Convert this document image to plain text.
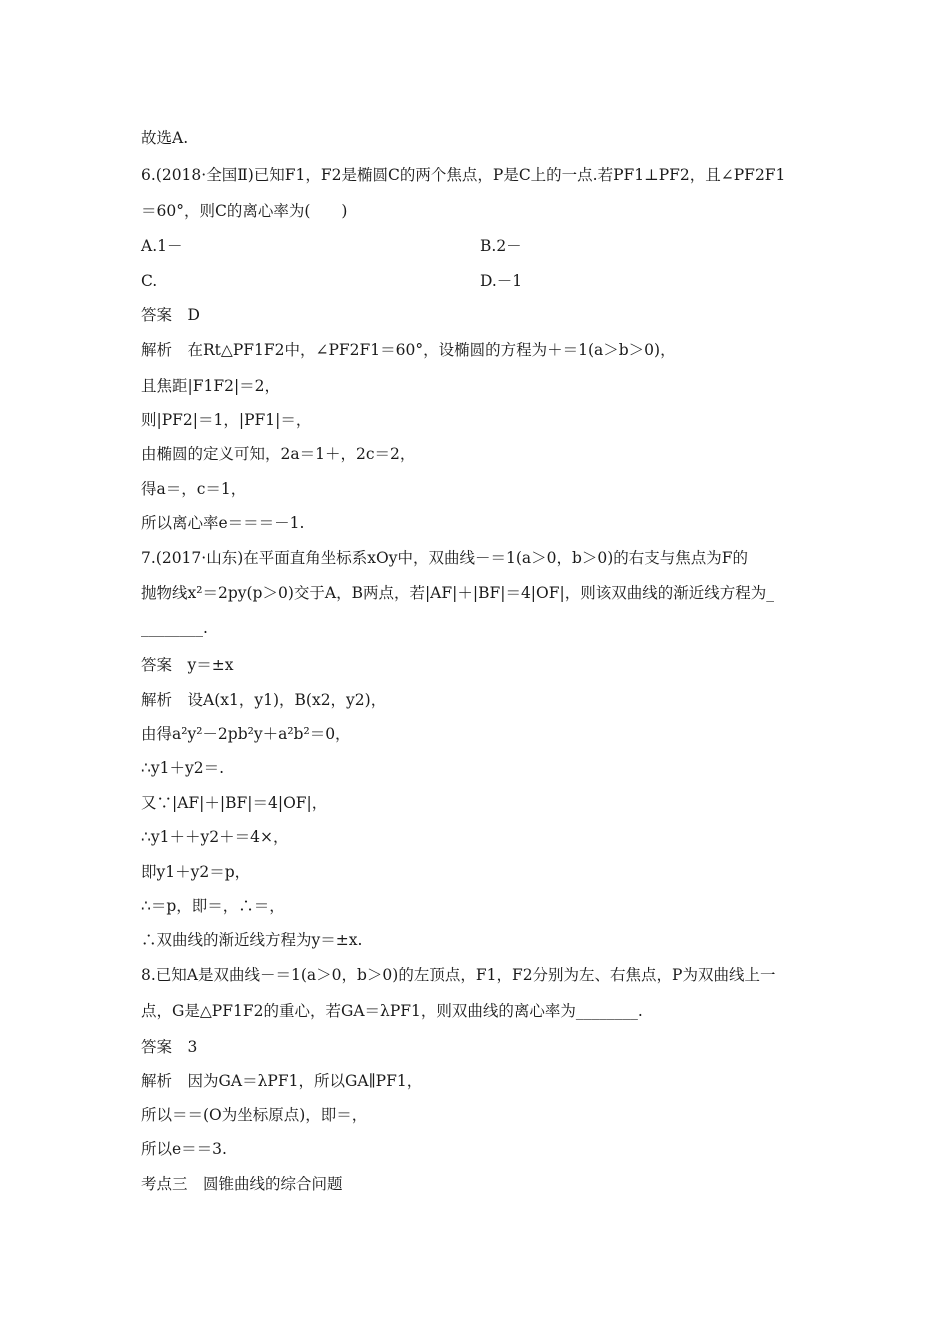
故选A.
6.(2018·全国Ⅱ)已知F1，F2是椭圆C的两个焦点，P是C上的一点.若PF1⊥PF2，且∠PF2F1
＝60°，则C的离心率为(　　)
A.1－	B.2－
C.	D.－1
答案　D
解析　在Rt△PF1F2中，∠PF2F1＝60°，设椭圆的方程为＋＝1(a＞b＞0)，
且焦距|F1F2|＝2，
则|PF2|＝1，|PF1|＝，
由椭圆的定义可知，2a＝1＋，2c＝2，
得a＝，c＝1，
所以离心率e＝＝＝－1.
7.(2017·山东)在平面直角坐标系xOy中，双曲线－＝1(a＞0，b＞0)的右支与焦点为F的
抛物线x²＝2py(p＞0)交于A，B两点，若|AF|＋|BF|＝4|OF|，则该双曲线的渐近线方程为_
________.
答案　y＝±x
解析　设A(x1，y1)，B(x2，y2)，
由得a²y²－2pb²y＋a²b²＝0，
∴y1＋y2＝.
又∵|AF|＋|BF|＝4|OF|，
∴y1＋＋y2＋＝4×，
即y1＋y2＝p，
∴＝p，即＝，∴＝，
∴双曲线的渐近线方程为y＝±x.
8.已知A是双曲线－＝1(a＞0，b＞0)的左顶点，F1，F2分别为左、右焦点，P为双曲线上一
点，G是△PF1F2的重心，若GA＝λPF1，则双曲线的离心率为________.
答案　3
解析　因为GA＝λPF1，所以GA∥PF1，
所以＝＝(O为坐标原点)，即＝，
所以e＝＝3.
考点三　圆锥曲线的综合问题
